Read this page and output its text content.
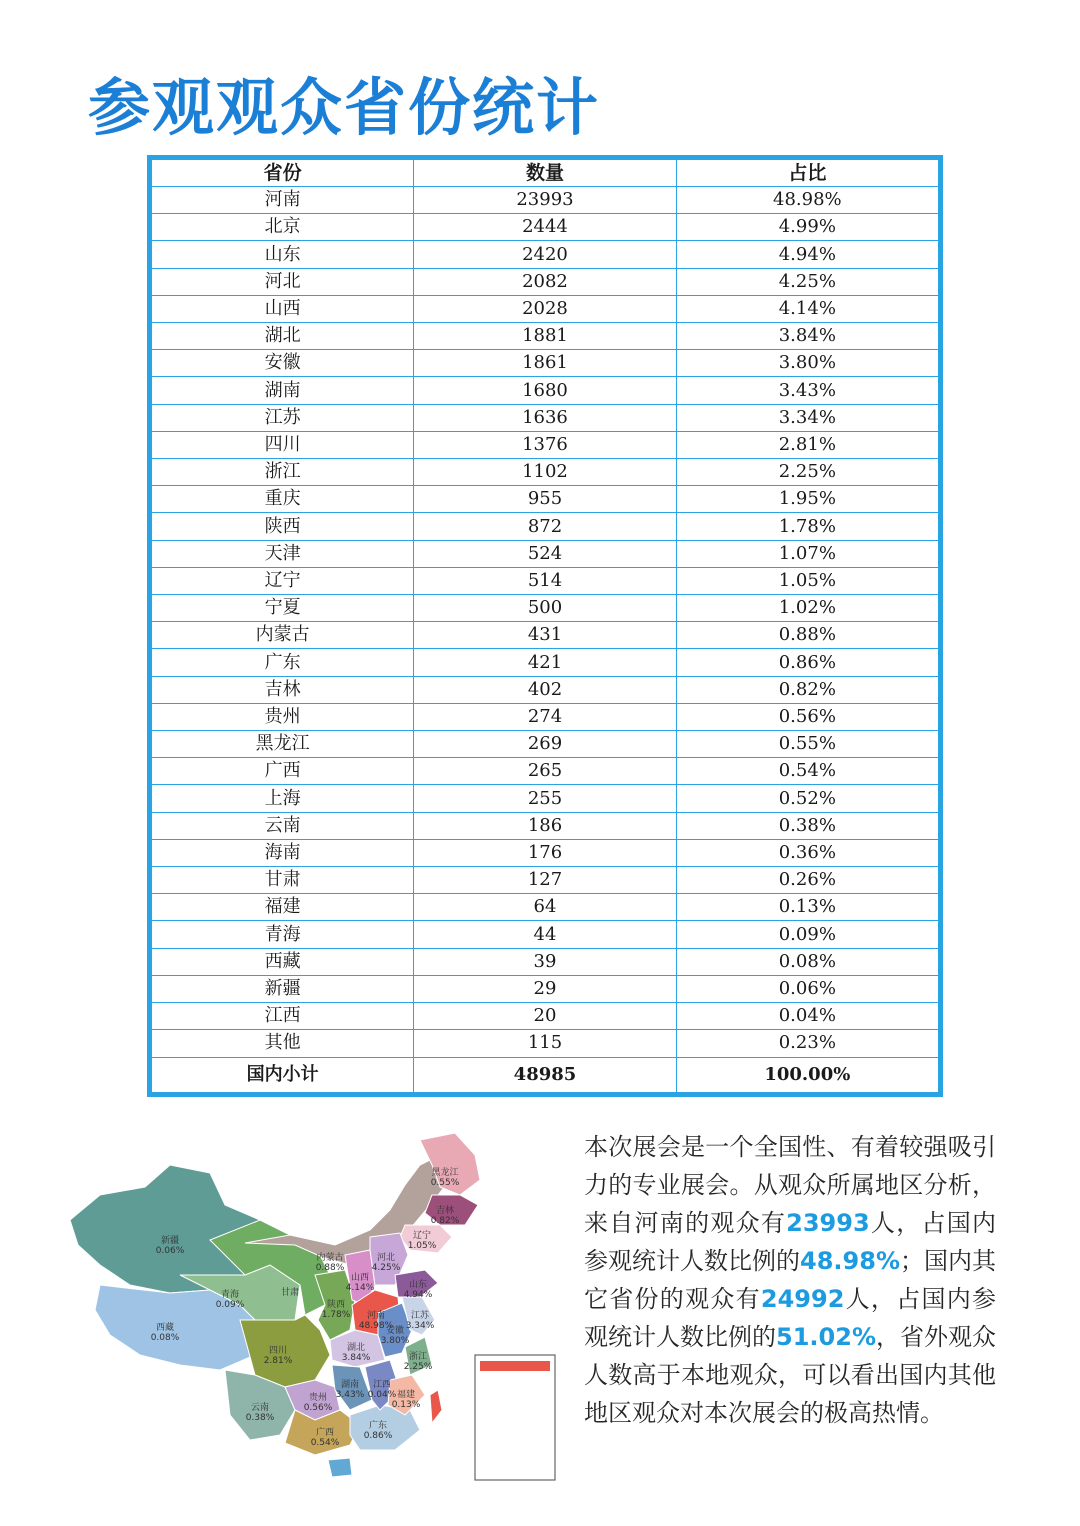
参观观众省份统计
省份	数量	占比
河南	23993	48.98%
北京	2444	4.99%
山东	2420	4.94%
河北	2082	4.25%
山西	2028	4.14%
湖北	1881	3.84%
安徽	1861	3.80%
湖南	1680	3.43%
江苏	1636	3.34%
四川	1376	2.81%
浙江	1102	2.25%
重庆	955	1.95%
陕西	872	1.78%
天津	524	1.07%
辽宁	514	1.05%
宁夏	500	1.02%
内蒙古	431	0.88%
广东	421	0.86%
吉林	402	0.82%
贵州	274	0.56%
黑龙江	269	0.55%
广西	265	0.54%
上海	255	0.52%
云南	186	0.38%
海南	176	0.36%
甘肃	127	0.26%
福建	64	0.13%
青海	44	0.09%
西藏	39	0.08%
新疆	29	0.06%
江西	20	0.04%
其他	115	0.23%
国内小计	48985	100.00%
新疆
0.06%
西藏
0.08%
青海
0.09%
甘肃
内蒙古
0.88%
黑龙江
0.55%
吉林
0.82%
辽宁
1.05%
四川
2.81%
云南
0.38%
河南
48.98%
山东
4.94%
广西
0.54%
广东
0.86%
湖南
3.43%
湖北
3.84%
江西
0.04% 福建
0.13%
安徽
3.80%
江苏
3.34%
浙江
2.25%
贵州
0.56%
陕西
1.78%
山西
4.14%
河北
4.25%
本次展会是一个全国性、有着较强吸引力的专业展会。从观众所属地区分析，来自河南的观众有23993人，占国内参观统计人数比例的48.98%；国内其它省份的观众有24992人，占国内参观统计人数比例的51.02%，省外观众人数高于本地观众，可以看出国内其他地区观众对本次展会的极高热情。
